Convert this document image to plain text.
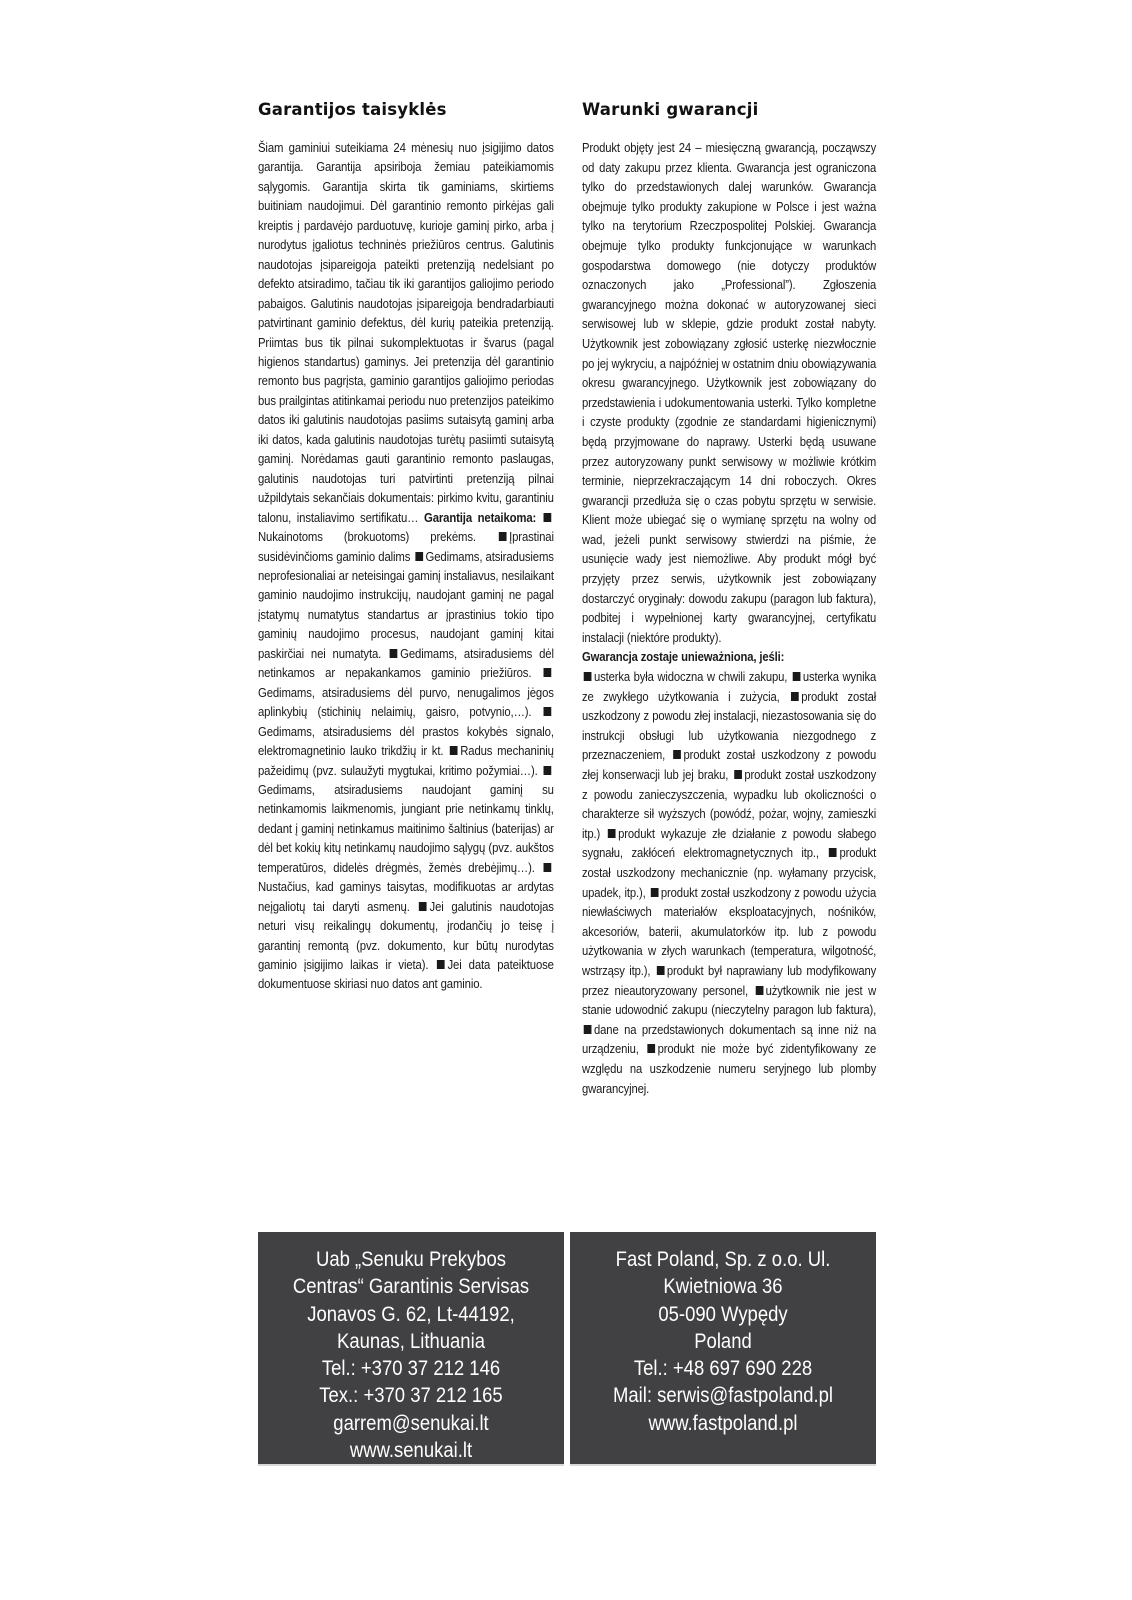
Garantijos taisyklės

Šiam gaminiui suteikiama 24 mėnesių nuo įsigijimo datos garantija. Garantija apsiriboja žemiau pateikiamomis sąlygomis. Garantija skirta tik gaminiams, skirtiems buitiniam naudojimui. Dėl garantinio remonto pirkėjas gali kreiptis į pardavėjo parduotuvę, kurioje gaminį pirko, arba į nurodytus įgaliotus techninės priežiūros centrus. Galutinis naudotojas įsipareigoja pateikti pretenziją nedelsiant po defekto atsiradimo, tačiau tik iki garantijos galiojimo periodo pabaigos. Galutinis naudotojas įsipareigoja bendradarbiauti patvirtinant gaminio defektus, dėl kurių pateikia pretenziją. Priimtas bus tik pilnai sukomplektuotas ir švarus (pagal higienos standartus) gaminys. Jei pretenzija dėl garantinio remonto bus pagrįsta, gaminio garantijos galiojimo periodas bus prailgintas atitinkamai periodu nuo pretenzijos pateikimo datos iki galutinis naudotojas pasiims sutaisytą gaminį arba iki datos, kada galutinis naudotojas turėtų pasiimti sutaisytą gaminį. Norėdamas gauti garantinio remonto paslaugas, galutinis naudotojas turi patvirtinti pretenziją pilnai užpildytais sekančiais dokumentais: pirkimo kvitu, garantiniu talonu, instaliavimo sertifikatu… Garantija netaikoma: Nukainotoms (brokuotoms) prekėms.	Įprastinai susidėvinčioms gaminio dalims Gedimams, atsiradusiems neprofesionaliai ar neteisingai gaminį instaliavus, nesilaikant gaminio naudojimo instrukcijų, naudojant gaminį ne pagal įstatymų numatytus standartus ar įprastinius tokio tipo gaminių naudojimo procesus, naudojant gaminį kitai paskirčiai nei numatyta. Gedimams, atsiradusiems dėl netinkamos ar nepakankamos gaminio priežiūros. Gedimams, atsiradusiems dėl purvo, nenugalimos jėgos aplinkybių (stichinių nelaimių, gaisro, potvynio,…). Gedimams, atsiradusiems dėl prastos kokybės signalo, elektromagnetinio lauko trikdžių ir kt. Radus mechaninių pažeidimų (pvz. sulaužyti mygtukai, kritimo požymiai…). Gedimams, atsiradusiems naudojant gaminį su netinkamomis laikmenomis, jungiant prie netinkamų tinklų, dedant į gaminį netinkamus maitinimo šaltinius (baterijas) ar dėl bet kokių kitų netinkamų naudojimo sąlygų (pvz. aukštos temperatūros, didelės drėgmės, žemės drebėjimų…). Nustačius, kad gaminys taisytas, modifikuotas ar ardytas neįgaliotų tai daryti asmenų. Jei galutinis naudotojas neturi visų reikalingų dokumentų, įrodančių jo teisę į garantinį remontą (pvz. dokumento, kur būtų nurodytas gaminio įsigijimo laikas ir vieta). Jei data pateiktuose dokumentuose skiriasi nuo datos ant gaminio.

Warunki gwarancji

Produkt objęty jest 24 – miesięczną gwarancją, począwszy od daty zakupu przez klienta. Gwarancja jest ograniczona tylko do przedstawionych dalej warunków. Gwarancja obejmuje tylko produkty zakupione w Polsce i jest ważna tylko na terytorium Rzeczpospolitej Polskiej. Gwarancja obejmuje tylko produkty funkcjonujące w warunkach gospodarstwa domowego (nie dotyczy produktów oznaczonych jako „Professional”). Zgłoszenia gwarancyjnego można dokonać w autoryzowanej sieci serwisowej lub w sklepie, gdzie produkt został nabyty. Użytkownik jest zobowiązany zgłosić usterkę niezwłocznie po jej wykryciu, a najpóźniej w ostatnim dniu obowiązywania okresu gwarancyjnego. Użytkownik jest zobowiązany do przedstawienia i udokumentowania usterki. Tylko kompletne i czyste produkty (zgodnie ze standardami higienicznymi) będą przyjmowane do naprawy. Usterki będą usuwane przez autoryzowany punkt serwisowy w możliwie krótkim terminie, nieprzekraczającym 14 dni roboczych. Okres gwarancji przedłuża się o czas pobytu sprzętu w serwisie. Klient może ubiegać się o wymianę sprzętu na wolny od wad, jeżeli punkt serwisowy stwierdzi na piśmie, że usunięcie wady jest niemożliwe. Aby produkt mógł być przyjęty przez serwis, użytkownik jest zobowiązany dostarczyć oryginały: dowodu zakupu (paragon lub faktura), podbitej i wypełnionej karty gwarancyjnej, certyfikatu instalacji (niektóre produkty).
Gwarancja zostaje unieważniona, jeśli:
usterka była widoczna w chwili zakupu, usterka wynika ze zwykłego użytkowania i zużycia, produkt został uszkodzony z powodu złej instalacji, niezastosowania się do instrukcji obsługi lub użytkowania niezgodnego z przeznaczeniem, produkt został uszkodzony z powodu złej konserwacji lub jej braku, produkt został uszkodzony z powodu zanieczyszczenia, wypadku lub okoliczności o charakterze sił wyższych (powódź, pożar, wojny, zamieszki itp.) produkt wykazuje złe działanie z powodu słabego sygnału, zakłóceń elektromagnetycznych itp., produkt został uszkodzony mechanicznie (np. wyłamany przycisk, upadek, itp.), produkt został uszkodzony z powodu użycia niewłaściwych materiałów eksploatacyjnych, nośników, akcesoriów, baterii, akumulatorków itp. lub z powodu użytkowania w złych warunkach (temperatura, wilgotność, wstrząsy itp.), produkt był naprawiany lub modyfikowany przez nieautoryzowany personel, użytkownik nie jest w stanie udowodnić zakupu (nieczytelny paragon lub faktura), dane na przedstawionych dokumentach są inne niż na urządzeniu, produkt nie może być zidentyfikowany ze względu na uszkodzenie numeru seryjnego lub plomby gwarancyjnej.

Uab „Senuku Prekybos
Centras“ Garantinis Servisas
Jonavos G. 62, Lt-44192,
Kaunas, Lithuania
Tel.: +370 37 212 146
Tex.: +370 37 212 165
garrem@senukai.lt
www.senukai.lt
Fast Poland, Sp. z o.o. Ul.
Kwietniowa 36
05-090 Wypędy
Poland
Tel.: +48 697 690 228
Mail: serwis@fastpoland.pl
www.fastpoland.pl
